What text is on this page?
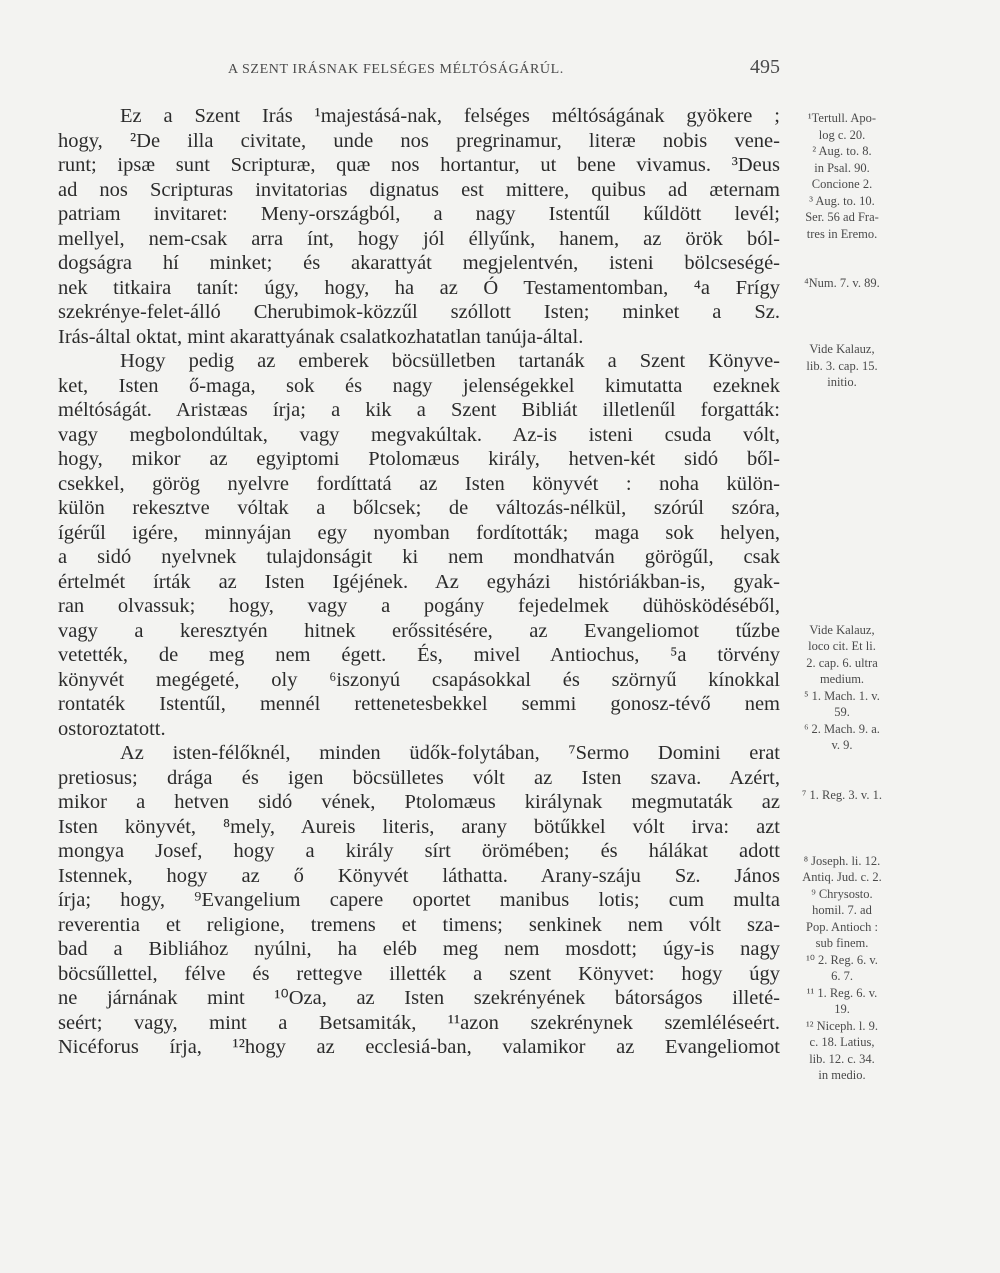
A SZENT IRÁSNAK FELSÉGES MÉLTÓSÁGÁRÚL.	495
Ez a Szent Irás ¹majestásá-nak, felséges méltóságának gyökere ;
hogy, ²De illa civitate, unde nos pregrinamur, literæ nobis vene-
runt; ipsæ sunt Scripturæ, quæ nos hortantur, ut bene vivamus. ³Deus
ad nos Scripturas invitatorias dignatus est mittere, quibus ad æternam
patriam invitaret: Meny-országból, a nagy Istentűl kűldött levél;
mellyel, nem-csak arra ínt, hogy jól éllyűnk, hanem, az örök ból-
dogságra hí minket; és akarattyát megjelentvén, isteni bölcseségé-
nek titkaira tanít: úgy, hogy, ha az Ó Testamentomban, ⁴a Frígy
szekrénye-felet-álló Cherubimok-közzűl szóllott Isten; minket a Sz.
Irás-által oktat, mint akarattyának csalatkozhatatlan tanúja-által.
Hogy pedig az emberek böcsülletben tartanák a Szent Könyve-
ket, Isten ő-maga, sok és nagy jelenségekkel kimutatta ezeknek
méltóságát. Aristæas írja; a kik a Szent Bibliát illetlenűl forgatták:
vagy megbolondúltak, vagy megvakúltak. Az-is isteni csuda vólt,
hogy, mikor az egyiptomi Ptolomæus király, hetven-két sidó ből-
csekkel, görög nyelvre fordíttatá az Isten könyvét : noha külön-
külön rekesztve vóltak a bőlcsek; de változás-nélkül, szórúl szóra,
ígérűl igére, minnyájan egy nyomban fordították; maga sok helyen,
a sidó nyelvnek tulajdonságit ki nem mondhatván görögűl, csak
értelmét írták az Isten Igéjének. Az egyházi históriákban-is, gyak-
ran olvassuk; hogy, vagy a pogány fejedelmek dühösködéséből,
vagy a keresztyén hitnek erőssitésére, az Evangeliomot tűzbe
vetették, de meg nem égett. És, mivel Antiochus, ⁵a törvény
könyvét megégeté, oly ⁶iszonyú csapásokkal és szörnyű kínokkal
rontaték Istentűl, mennél rettenetesbekkel semmi gonosz-tévő nem
ostoroztatott.
Az isten-félőknél, minden üdők-folytában, ⁷Sermo Domini erat
pretiosus; drága és igen böcsülletes vólt az Isten szava. Azért,
mikor a hetven sidó vének, Ptolomæus királynak megmutaták az
Isten könyvét, ⁸mely, Aureis literis, arany bötűkkel vólt irva: azt
mongya Josef, hogy a király sírt örömében; és hálákat adott
Istennek, hogy az ő Könyvét láthatta. Arany-száju Sz. János
írja; hogy, ⁹Evangelium capere oportet manibus lotis; cum multa
reverentia et religione, tremens et timens; senkinek nem vólt sza-
bad a Bibliához nyúlni, ha eléb meg nem mosdott; úgy-is nagy
böcsűllettel, félve és rettegve illették a szent Könyvet: hogy úgy
ne járnának mint ¹⁰Oza, az Isten szekrényének bátorságos illeté-
seért; vagy, mint a Betsamiták, ¹¹azon szekrénynek szemléléseért.
Nicéforus írja, ¹²hogy az ecclesiá-ban, valamikor az Evangeliomot
¹Tertull. Apo-
log c. 20.
² Aug. to. 8.
in Psal. 90.
Concione 2.
³ Aug. to. 10.
Ser. 56 ad Fra-
tres in Eremo.

⁴Num. 7. v. 89.

Vide Kalauz,
lib. 3. cap. 15.
initio.

Vide Kalauz,
loco cit. Et li.
2. cap. 6. ultra
medium.
⁵ 1. Mach. 1. v.
59.
⁶ 2. Mach. 9. a.
v. 9.

⁷ 1. Reg. 3. v. 1.

⁸ Joseph. li. 12.
Antiq. Jud. c. 2.
⁹ Chrysosto.
homil. 7. ad
Pop. Antioch :
sub finem.
¹⁰ 2. Reg. 6. v.
6. 7.
¹¹ 1. Reg. 6. v.
19.
¹² Niceph. l. 9.
c. 18. Latius,
lib. 12. c. 34.
in medio.
